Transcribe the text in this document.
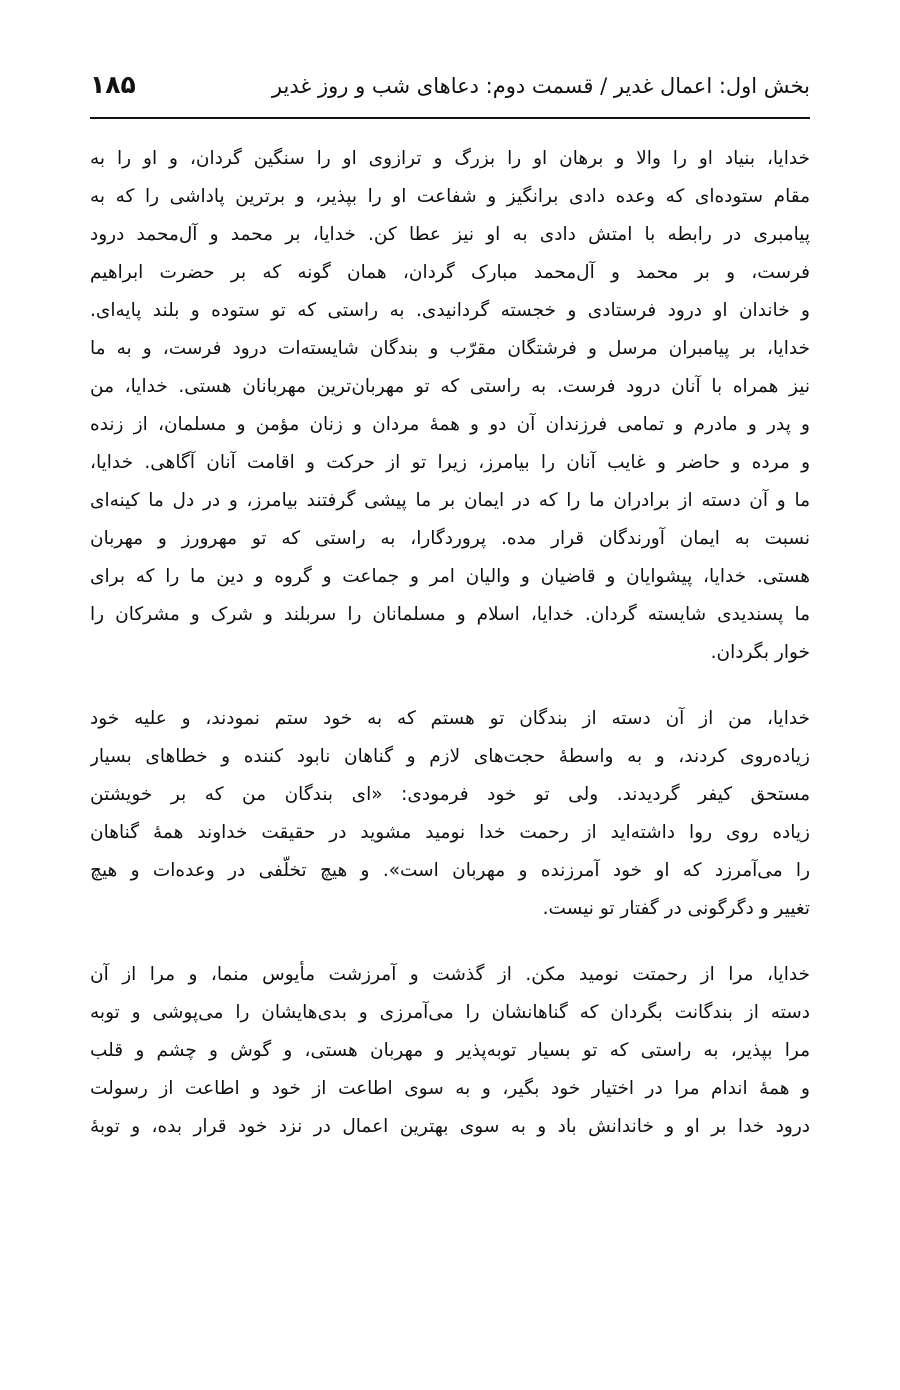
بخش اول: اعمال غدیر / قسمت دوم: دعاهای شب و روز غدیر
۱۸۵
خدایا، بنیاد او را والا و برهان او را بزرگ و ترازوی او را سنگین گردان، و او را به
مقام ستوده‌ای که وعده دادی برانگیز و شفاعت او را بپذیر، و برترین پاداشی را که به
پیامبری در رابطه با امتش دادی به او نیز عطا کن. خدایا، بر محمد و آل‌محمد درود
فرست، و بر محمد و آل‌محمد مبارک گردان، همان گونه که بر حضرت ابراهیم
و خاندان او درود فرستادی و خجسته گردانیدی. به راستی که تو ستوده و بلند پایه‌ای.
خدایا، بر پیامبران مرسل و فرشتگان مقرّب و بندگان شایسته‌ات درود فرست، و به ما
نیز همراه با آنان درود فرست. به راستی که تو مهربان‌ترین مهربانان هستی. خدایا، من
و پدر و مادرم و تمامی فرزندان آن دو و همهٔ مردان و زنان مؤمن و مسلمان، از زنده
و مرده و حاضر و غایب آنان را بیامرز، زیرا تو از حرکت و اقامت آنان آگاهی. خدایا،
ما و آن دسته از برادران ما را که در ایمان بر ما پیشی گرفتند بیامرز، و در دل ما کینه‌ای
نسبت به ایمان آورندگان قرار مده. پروردگارا، به راستی که تو مهرورز و مهربان
هستی. خدایا، پیشوایان و قاضیان و والیان امر و جماعت و گروه و دین ما را که برای
ما پسندیدی شایسته گردان. خدایا، اسلام و مسلمانان را سربلند و شرک و مشرکان را
خوار بگردان.
خدایا، من از آن دسته از بندگان تو هستم که به خود ستم نمودند، و علیه خود
زیاده‌روی کردند، و به واسطهٔ حجت‌های لازم و گناهان نابود کننده و خطاهای بسیار
مستحق کیفر گردیدند. ولی تو خود فرمودی: «ای بندگان من که بر خویشتن
زیاده روی روا داشته‌اید از رحمت خدا نومید مشوید در حقیقت خداوند همهٔ گناهان
را می‌آمرزد که او خود آمرزنده و مهربان است». و هیچ تخلّفی در وعده‌ات و هیچ
تغییر و دگرگونی در گفتار تو نیست.
خدایا، مرا از رحمتت نومید مکن. از گذشت و آمرزشت مأیوس منما، و مرا از آن
دسته از بندگانت بگردان که گناهانشان را می‌آمرزی و بدی‌هایشان را می‌پوشی و توبه
مرا بپذیر، به راستی که تو بسیار توبه‌پذیر و مهربان هستی، و گوش و چشم و قلب
و همهٔ اندام مرا در اختیار خود بگیر، و به سوی اطاعت از خود و اطاعت از رسولت
درود خدا بر او و خاندانش باد و به سوی بهترین اعمال در نزد خود قرار بده، و توبهٔ
